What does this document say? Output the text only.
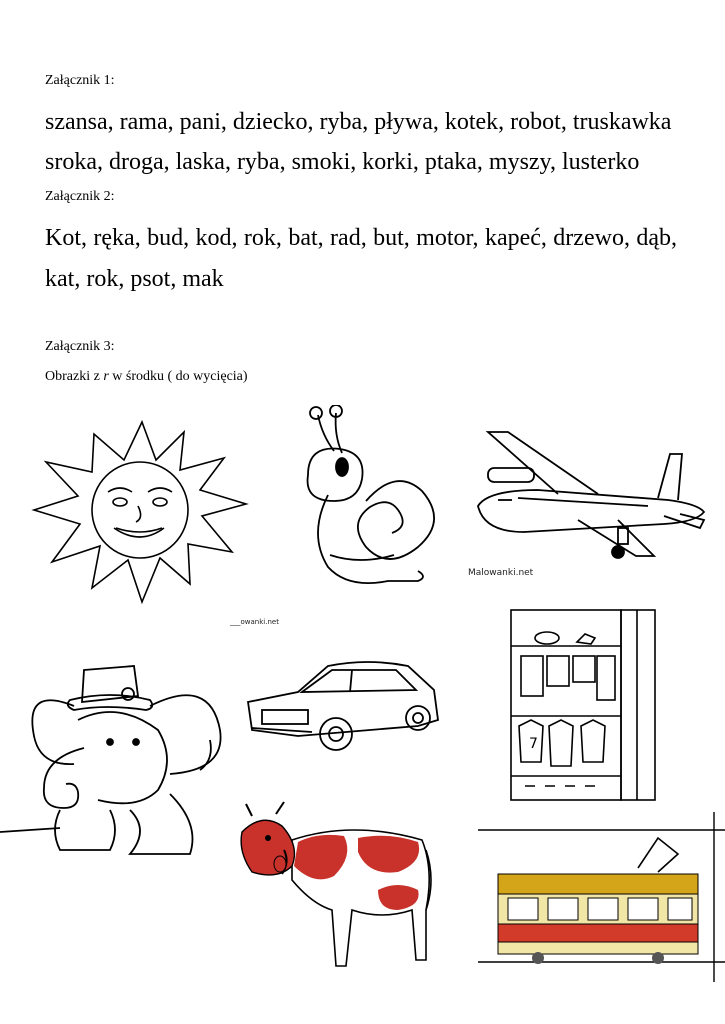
Załącznik 1:
szansa, rama, pani, dziecko, ryba, pływa, kotek, robot, truskawka
sroka, droga, laska, ryba, smoki, korki, ptaka, myszy, lusterko
Załącznik 2:
Kot, ręka, bud, kod, rok, bat, rad, but, motor, kapeć, drzewo, dąb, kat, rok, psot, mak
Załącznik 3:
Obrazki z r w środku ( do wycięcia)
Malowanki.net
___owanki.net
7
